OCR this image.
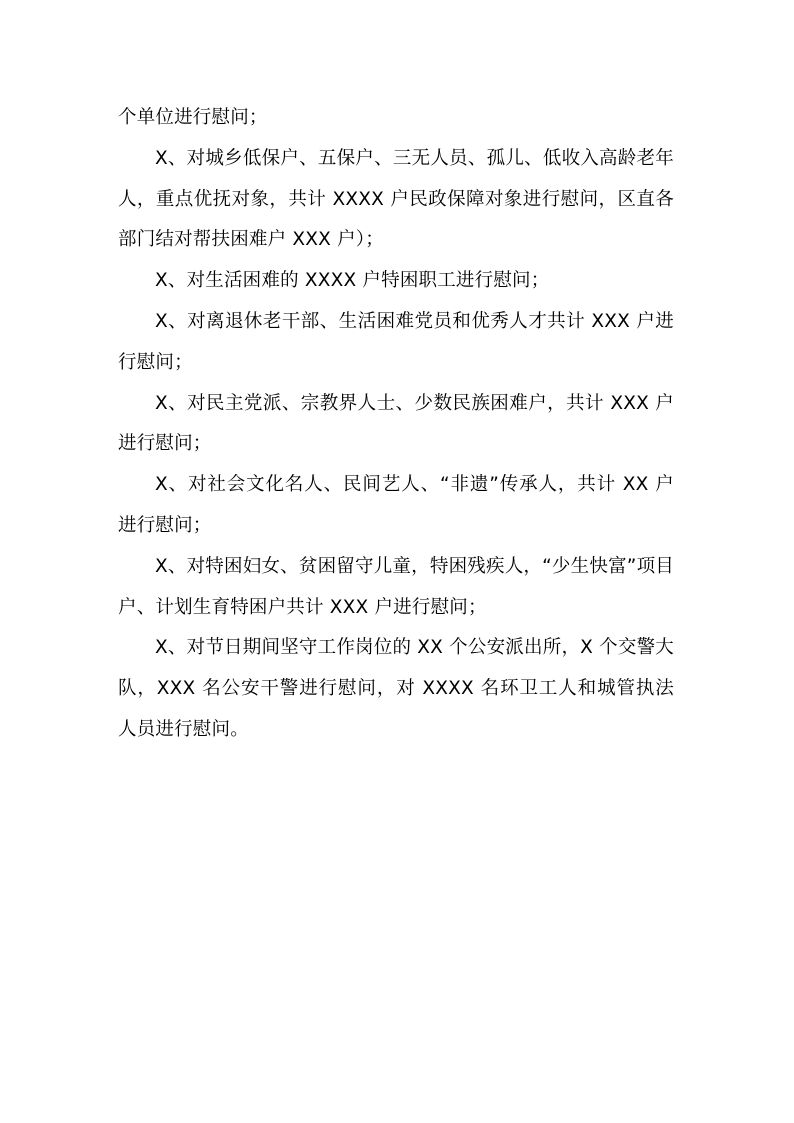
个单位进行慰问；

X、对城乡低保户、五保户、三无人员、孤儿、低收入高龄老年人，重点优抚对象，共计 XXXX 户民政保障对象进行慰问，区直各部门结对帮扶困难户 XXX 户）；

X、对生活困难的 XXXX 户特困职工进行慰问；

X、对离退休老干部、生活困难党员和优秀人才共计 XXX 户进行慰问；

X、对民主党派、宗教界人士、少数民族困难户，共计 XXX 户进行慰问；

X、对社会文化名人、民间艺人、“非遗”传承人，共计 XX 户进行慰问；

X、对特困妇女、贫困留守儿童，特困残疾人，“少生快富”项目户、计划生育特困户共计 XXX 户进行慰问；

X、对节日期间坚守工作岗位的 XX 个公安派出所，X 个交警大队，XXX 名公安干警进行慰问，对 XXXX 名环卫工人和城管执法人员进行慰问。
